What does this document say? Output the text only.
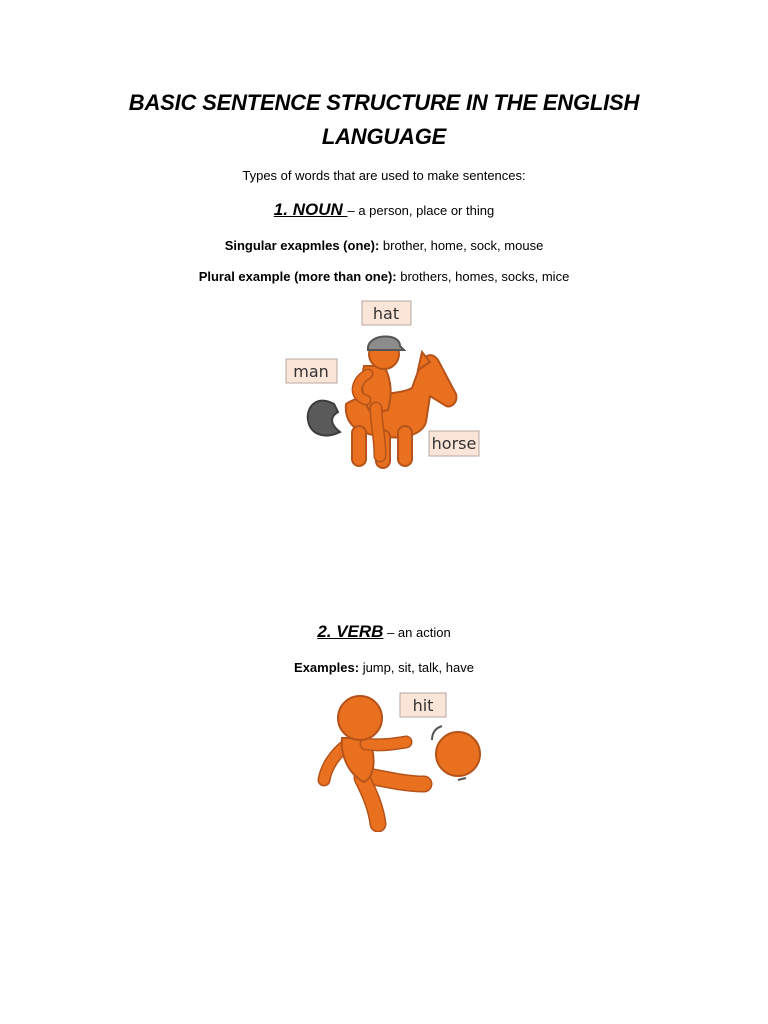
BASIC SENTENCE STRUCTURE IN THE ENGLISH LANGUAGE
Types of words that are used to make sentences:
1. NOUN – a person, place or thing
Singular exapmles (one): brother, home, sock, mouse
Plural example (more than one): brothers, homes, socks, mice
hat
man
horse
2. VERB – an action
Examples: jump, sit, talk, have
hit
